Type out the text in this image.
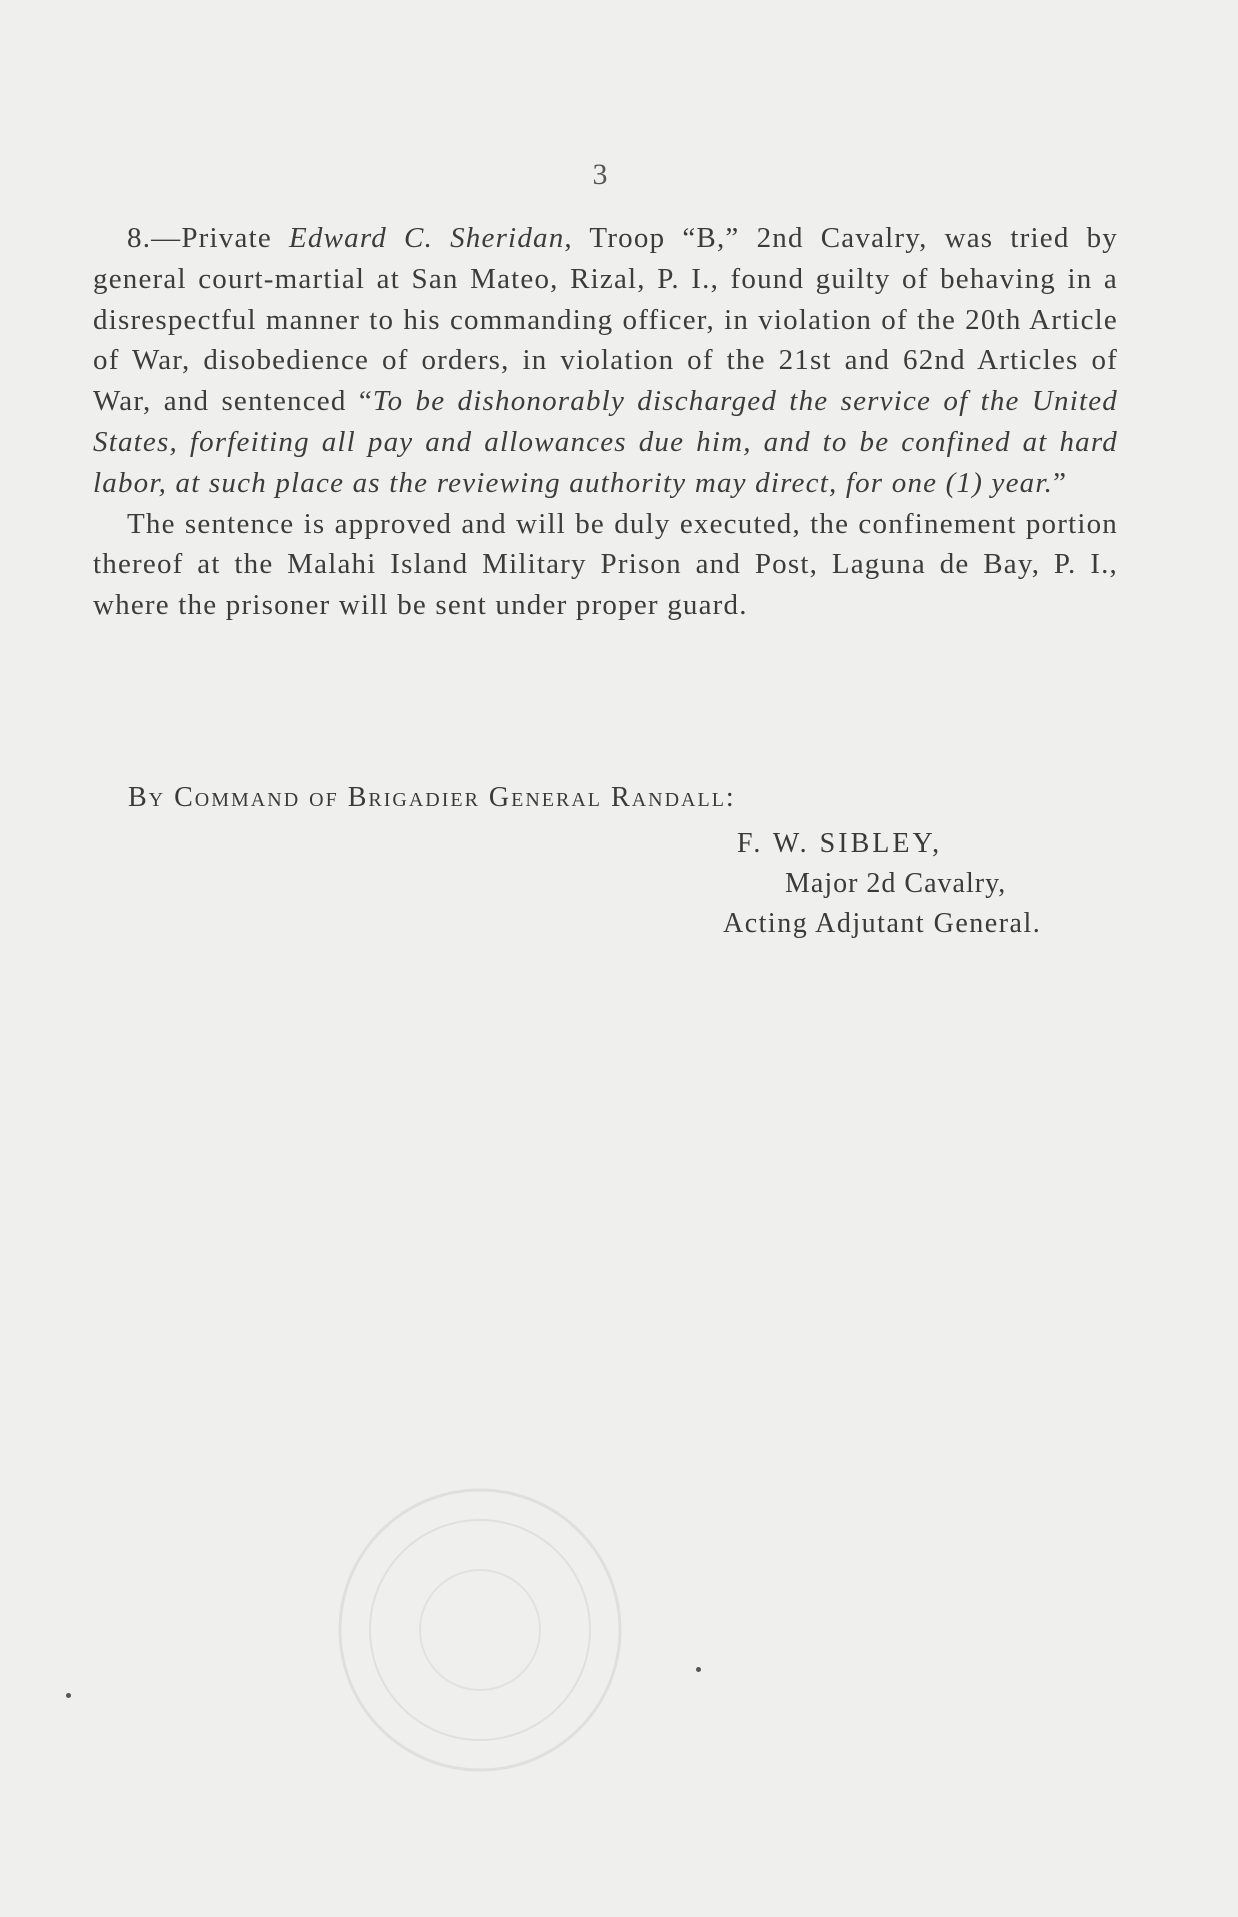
3

8.—Private Edward C. Sheridan, Troop “B,” 2nd Cavalry, was tried by general court-martial at San Mateo, Rizal, P. I., found guilty of behaving in a disrespectful manner to his commanding officer, in violation of the 20th Article of War, disobedience of orders, in violation of the 21st and 62nd Articles of War, and sentenced “To be dishonorably discharged the service of the United States, forfeiting all pay and allowances due him, and to be confined at hard labor, at such place as the reviewing authority may direct, for one (1) year.”

The sentence is approved and will be duly executed, the confinement portion thereof at the Malahi Island Military Prison and Post, Laguna de Bay, P. I., where the prisoner will be sent under proper guard.

By Command of Brigadier General Randall:
F. W. SIBLEY,
Major 2d Cavalry,
Acting Adjutant General.
